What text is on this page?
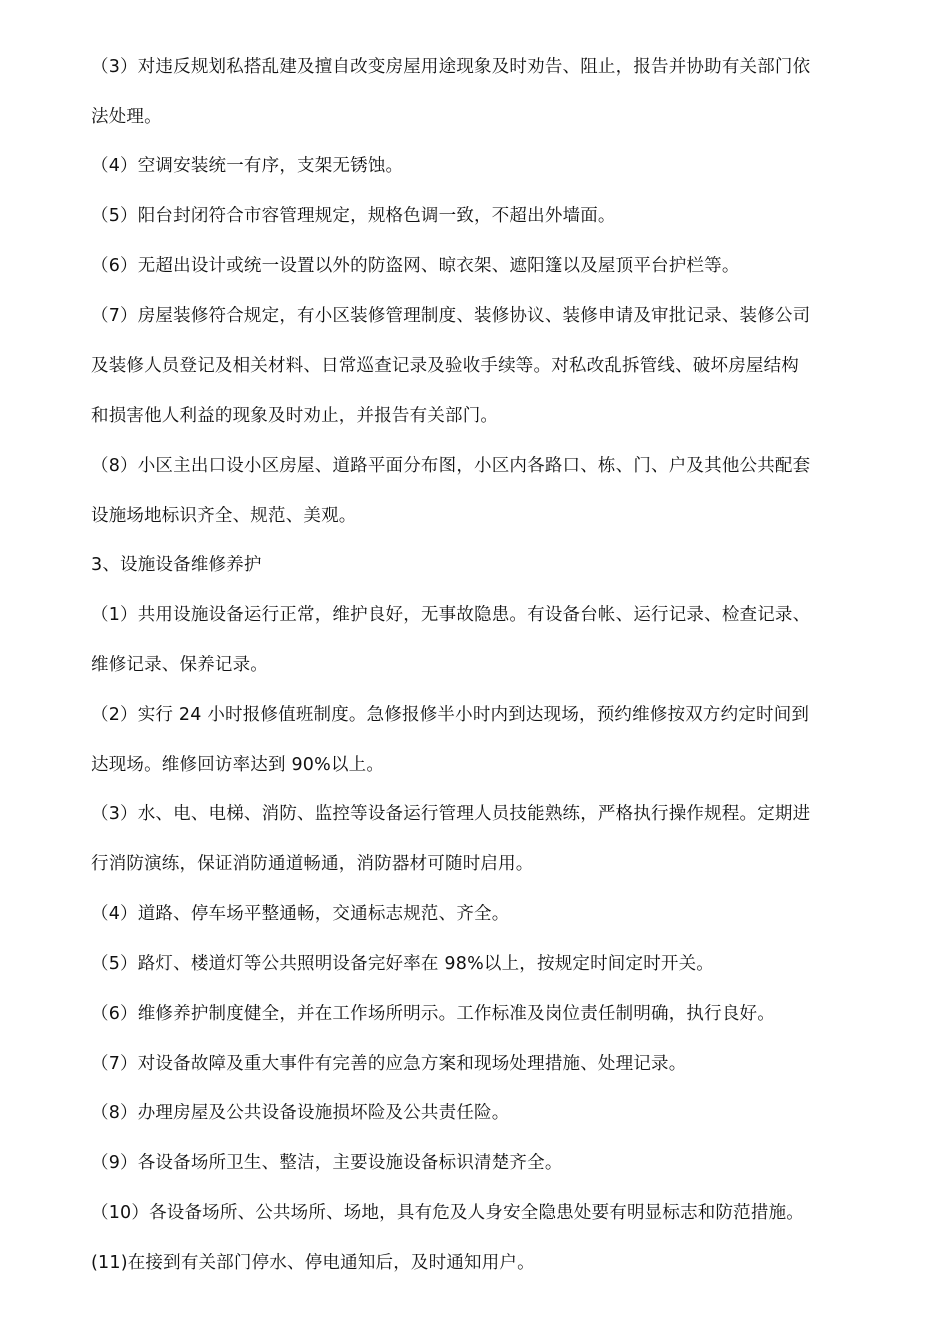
（3）对违反规划私搭乱建及擅自改变房屋用途现象及时劝告、阻止，报告并协助有关部门依
法处理。
（4）空调安装统一有序，支架无锈蚀。
（5）阳台封闭符合市容管理规定，规格色调一致，不超出外墙面。
（6）无超出设计或统一设置以外的防盗网、晾衣架、遮阳篷以及屋顶平台护栏等。
（7）房屋装修符合规定，有小区装修管理制度、装修协议、装修申请及审批记录、装修公司
及装修人员登记及相关材料、日常巡查记录及验收手续等。对私改乱拆管线、破坏房屋结构
和损害他人利益的现象及时劝止，并报告有关部门。
（8）小区主出口设小区房屋、道路平面分布图，小区内各路口、栋、门、户及其他公共配套
设施场地标识齐全、规范、美观。
3、设施设备维修养护
（1）共用设施设备运行正常，维护良好，无事故隐患。有设备台帐、运行记录、检查记录、
维修记录、保养记录。
（2）实行 24 小时报修值班制度。急修报修半小时内到达现场，预约维修按双方约定时间到
达现场。维修回访率达到 90%以上。
（3）水、电、电梯、消防、监控等设备运行管理人员技能熟练，严格执行操作规程。定期进
行消防演练，保证消防通道畅通，消防器材可随时启用。
（4）道路、停车场平整通畅，交通标志规范、齐全。
（5）路灯、楼道灯等公共照明设备完好率在 98%以上，按规定时间定时开关。
（6）维修养护制度健全，并在工作场所明示。工作标准及岗位责任制明确，执行良好。
（7）对设备故障及重大事件有完善的应急方案和现场处理措施、处理记录。
（8）办理房屋及公共设备设施损坏险及公共责任险。
（9）各设备场所卫生、整洁，主要设施设备标识清楚齐全。
（10）各设备场所、公共场所、场地，具有危及人身安全隐患处要有明显标志和防范措施。
(11)在接到有关部门停水、停电通知后，及时通知用户。
